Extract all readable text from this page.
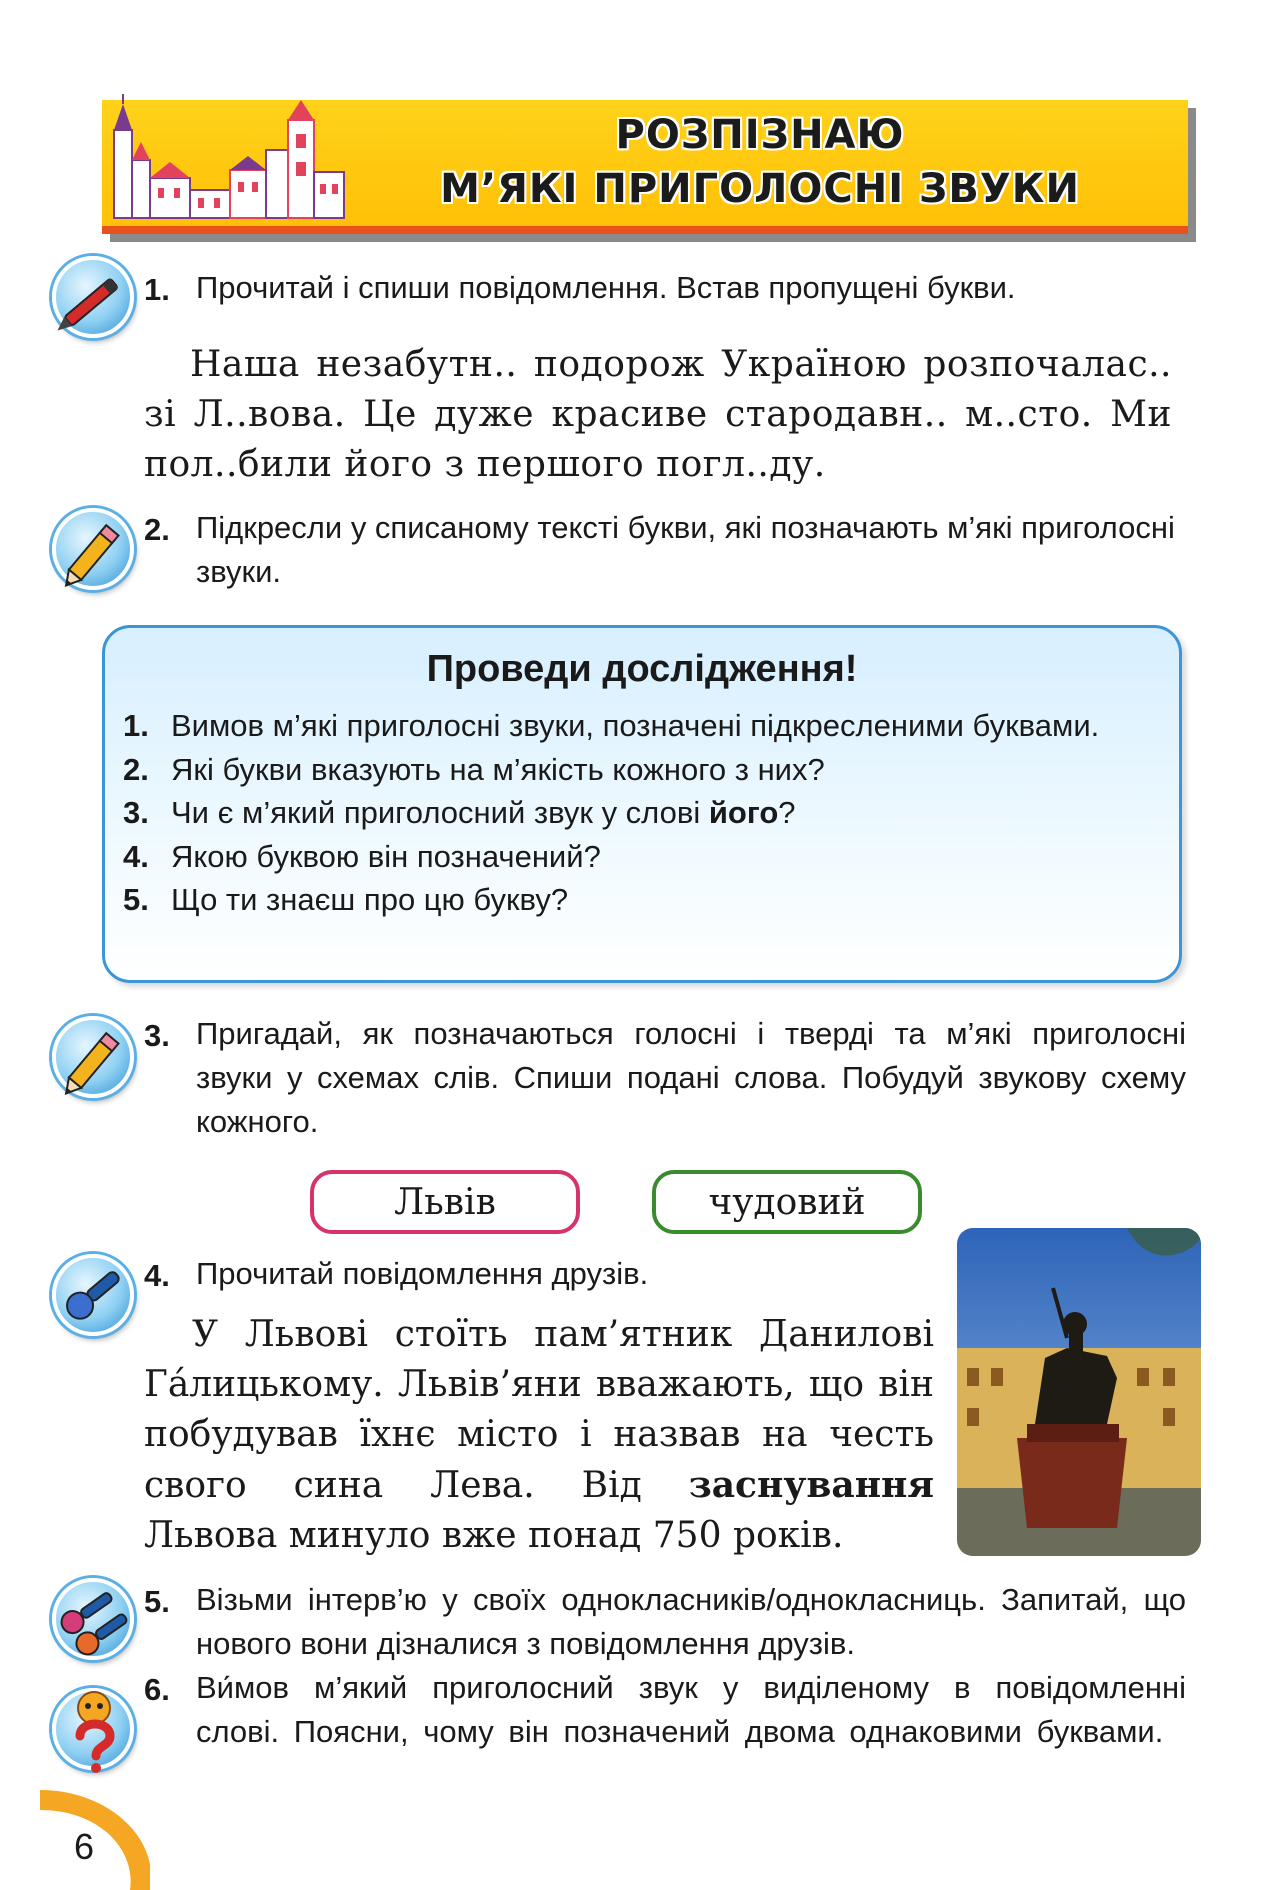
РОЗПІЗНАЮ
М’ЯКІ ПРИГОЛОСНІ ЗВУКИ
1. Прочитай і спиши повідомлення. Встав пропущені букви.
Наша незабутн.. подорож Україною розпочалас.. зі Л..вова. Це дуже красиве стародавн.. м..сто. Ми пол..били його з першого погл..ду.
2. Підкресли у списаному тексті букви, які позначають м’які приголосні звуки.
Проведи дослідження!
1. Вимов м’які приголосні звуки, позначені підкресленими буквами.
2. Які букви вказують на м’якість кожного з них?
3. Чи є м’який приголосний звук у слові його?
4. Якою буквою він позначений?
5. Що ти знаєш про цю букву?
3. Пригадай, як позначаються голосні і тверді та м’які приголосні звуки у схемах слів. Спиши подані слова. Побудуй звукову схему кожного.
Львів	чудовий
4. Прочитай повідомлення друзів.
У Львові стоїть пам’ятник Данилові Га́лицькому. Львів’яни вважають, що він побудував їхнє місто і назвав на честь свого сина Лева. Від заснування Львова минуло вже понад 750 років.
5. Візьми інтерв’ю у своїх однокласників/однокласниць. Запитай, що нового вони дізналися з повідомлення друзів.
6. Ви́мов м’який приголосний звук у виділеному в повідомленні слові. Поясни, чому він позначений двома однаковими буквами.
6
